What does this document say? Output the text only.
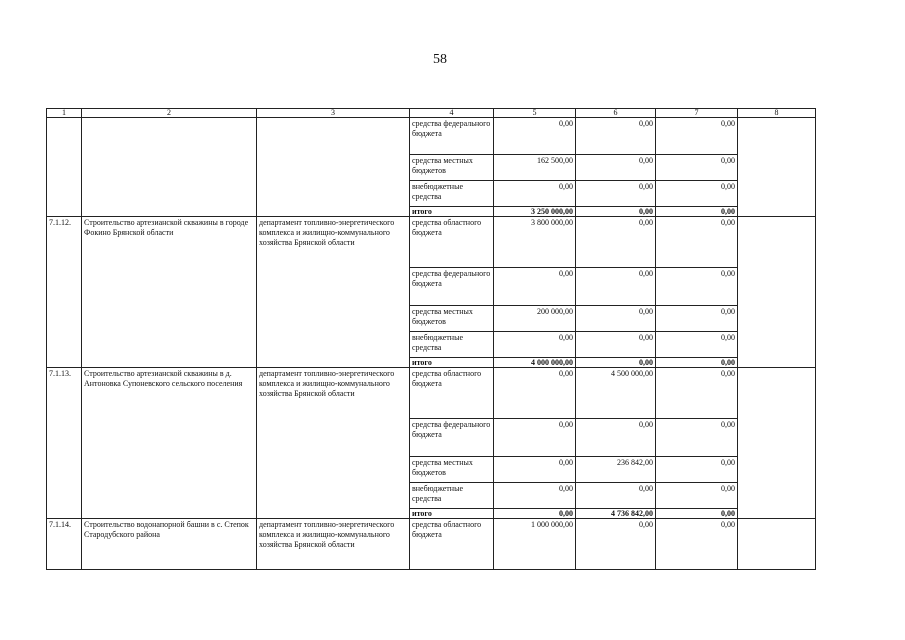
58
1	2	3	4	5	6	7	8
			средства федерального бюджета	0,00	0,00	0,00	
			средства местных бюджетов	162 500,00	0,00	0,00	
			внебюджетные средства	0,00	0,00	0,00	
			итого	3 250 000,00	0,00	0,00	
7.1.12.	Строительство артезианской скважины в городе Фокино Брянской области	департамент топливно-энергетического комплекса и жилищно-коммунального хозяйства Брянской области	средства областного бюджета	3 800 000,00	0,00	0,00	
			средства федерального бюджета	0,00	0,00	0,00	
			средства местных бюджетов	200 000,00	0,00	0,00	
			внебюджетные средства	0,00	0,00	0,00	
			итого	4 000 000,00	0,00	0,00	
7.1.13.	Строительство артезианской скважины в д. Антоновка Супоневского сельского поселения	департамент топливно-энергетического комплекса и жилищно-коммунального хозяйства Брянской области	средства областного бюджета	0,00	4 500 000,00	0,00	
			средства федерального бюджета	0,00	0,00	0,00	
			средства местных бюджетов	0,00	236 842,00	0,00	
			внебюджетные средства	0,00	0,00	0,00	
			итого	0,00	4 736 842,00	0,00	
7.1.14.	Строительство водонапорной башни в с. Степок Стародубского района	департамент топливно-энергетического комплекса и жилищно-коммунального хозяйства Брянской области	средства областного бюджета	1 000 000,00	0,00	0,00	
